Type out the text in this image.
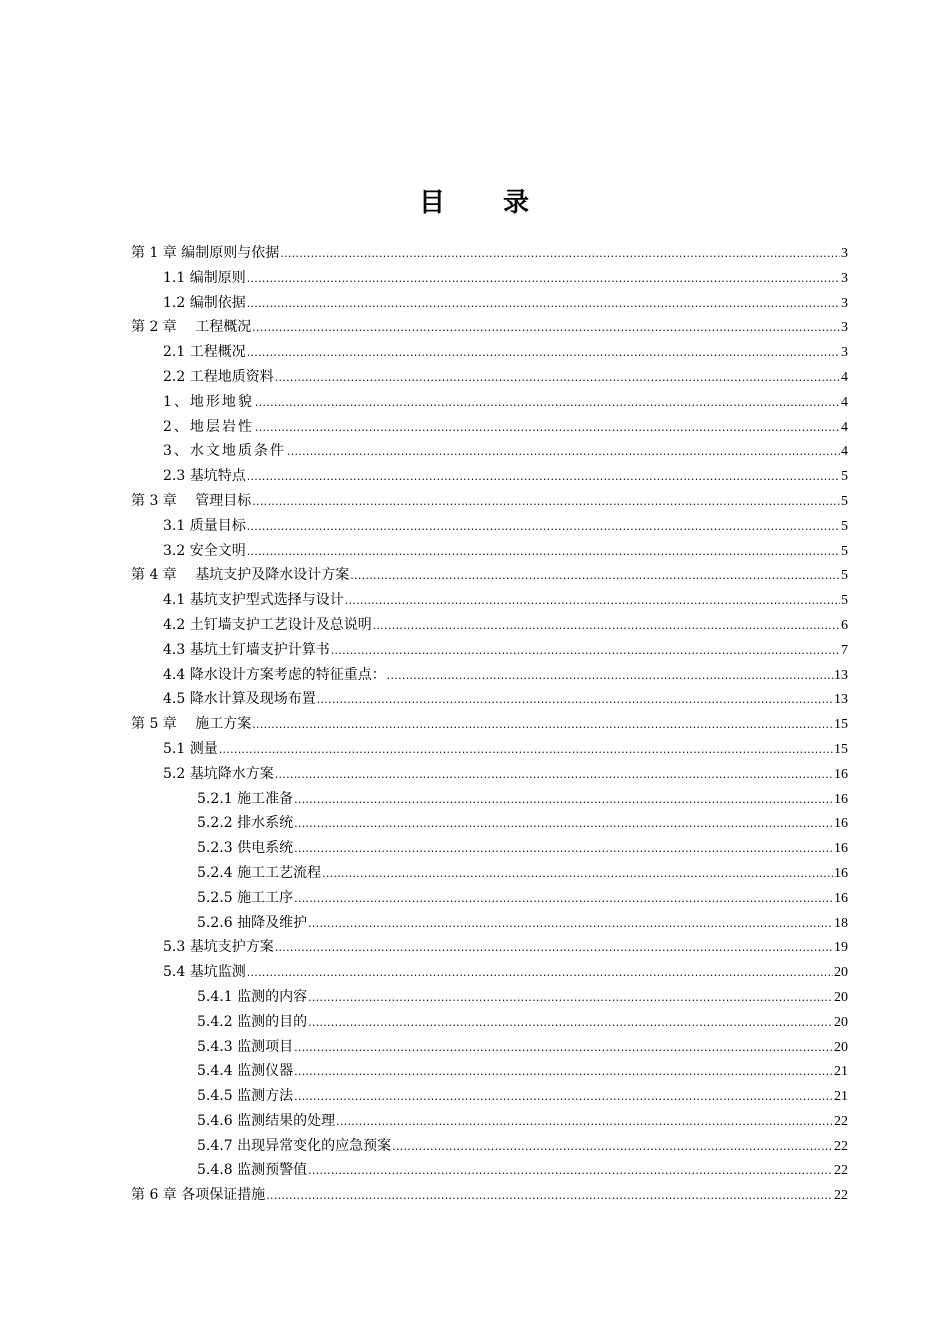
目　　录
第 1 章 编制原则与依据 .....	3
1.1 编制原则 .....	3
1.2 编制依据 .....	3
第 2 章　 工程概况 .....	3
2.1 工程概况 .....	3
2.2 工程地质资料 .....	4
1、地形地貌 .....	4
2、地层岩性 .....	4
3、水文地质条件 .....	4
2.3 基坑特点 .....	5
第 3 章　 管理目标 .....	5
3.1 质量目标 .....	5
3.2 安全文明 .....	5
第 4 章　 基坑支护及降水设计方案 .....	5
4.1 基坑支护型式选择与设计 .....	5
4.2 土钉墙支护工艺设计及总说明 .....	6
4.3 基坑土钉墙支护计算书 .....	7
4.4 降水设计方案考虑的特征重点： .....	13
4.5 降水计算及现场布置 .....	13
第 5 章　 施工方案 .....	15
5.1 测量 .....	15
5.2 基坑降水方案 .....	16
5.2.1 施工准备 .....	16
5.2.2 排水系统 .....	16
5.2.3 供电系统 .....	16
5.2.4 施工工艺流程 .....	16
5.2.5 施工工序 .....	16
5.2.6 抽降及维护 .....	18
5.3 基坑支护方案 .....	19
5.4 基坑监测 .....	20
5.4.1 监测的内容 .....	20
5.4.2 监测的目的 .....	20
5.4.3 监测项目 .....	20
5.4.4 监测仪器 .....	21
5.4.5 监测方法 .....	21
5.4.6 监测结果的处理 .....	22
5.4.7 出现异常变化的应急预案 .....	22
5.4.8 监测预警值 .....	22
第 6 章 各项保证措施 .....	22
